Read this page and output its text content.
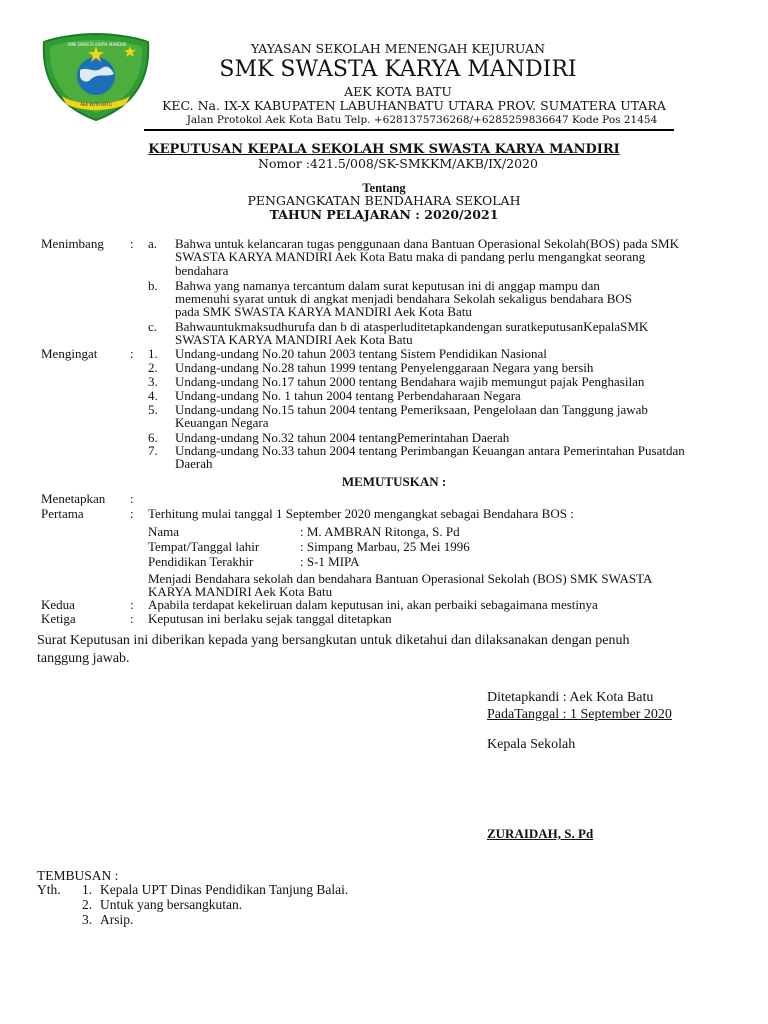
SMK SWASTA KARYA MANDIRI
AEK KOTA BATU
YAYASAN SEKOLAH MENENGAH KEJURUAN
SMK SWASTA KARYA MANDIRI
AEK KOTA BATU
KEC. Na. IX-X KABUPATEN LABUHANBATU UTARA PROV. SUMATERA UTARA
Jalan Protokol Aek Kota Batu Telp. +6281375736268/+6285259836647 Kode Pos 21454
KEPUTUSAN KEPALA SEKOLAH SMK SWASTA KARYA MANDIRI
Nomor :421.5/008/SK-SMKKM/AKB/IX/2020
Tentang
PENGANGKATAN BENDAHARA SEKOLAH
TAHUN PELAJARAN : 2020/2021
Menimbang : a. Bahwa untuk kelancaran tugas penggunaan dana Bantuan Operasional Sekolah(BOS) pada SMK
SWASTA KARYA MANDIRI Aek Kota Batu maka di pandang perlu mengangkat seorang
bendahara
b. Bahwa yang namanya tercantum dalam surat keputusan ini di anggap mampu dan
memenuhi syarat untuk di angkat menjadi bendahara Sekolah sekaligus bendahara BOS
pada SMK SWASTA KARYA MANDIRI Aek Kota Batu
c. Bahwauntukmaksudhurufa dan b di atasperluditetapkandengan suratkeputusanKepalaSMK
SWASTA KARYA MANDIRI Aek Kota Batu
Mengingat	: 1. Undang-undang No.20 tahun 2003 tentang Sistem Pendidikan Nasional
2. Undang-undang No.28 tahun 1999 tentang Penyelenggaraan Negara yang bersih
3. Undang-undang No.17 tahun 2000 tentang Bendahara wajib memungut pajak Penghasilan
4. Undang-undang No. 1 tahun 2004 tentang Perbendaharaan Negara
5. Undang-undang No.15 tahun 2004 tentang Pemeriksaan, Pengelolaan dan Tanggung jawab
Keuangan Negara
6. Undang-undang No.32 tahun 2004 tentangPemerintahan Daerah
7. Undang-undang No.33 tahun 2004 tentang Perimbangan Keuangan antara Pemerintahan Pusatdan
Daerah
MEMUTUSKAN :
Menetapkan :
Pertama	: Terhitung mulai tanggal 1 September 2020 mengangkat sebagai Bendahara BOS :
Nama	: M. AMBRAN Ritonga, S. Pd
Tempat/Tanggal lahir	: Simpang Marbau, 25 Mei 1996
Pendidikan Terakhir	: S-1 MIPA
Menjadi Bendahara sekolah dan bendahara Bantuan Operasional Sekolah (BOS) SMK SWASTA
KARYA MANDIRI Aek Kota Batu
Kedua	: Apabila terdapat kekeliruan dalam keputusan ini, akan perbaiki sebagaimana mestinya
Ketiga	: Keputusan ini berlaku sejak tanggal ditetapkan
Surat Keputusan ini diberikan kepada yang bersangkutan untuk diketahui dan dilaksanakan dengan penuh
tanggung jawab.
Ditetapkandi : Aek Kota Batu
PadaTanggal : 1 September 2020
Kepala Sekolah
ZURAIDAH, S. Pd
TEMBUSAN :
Yth. 1. Kepala UPT Dinas Pendidikan Tanjung Balai.
2. Untuk yang bersangkutan.
3. Arsip.
